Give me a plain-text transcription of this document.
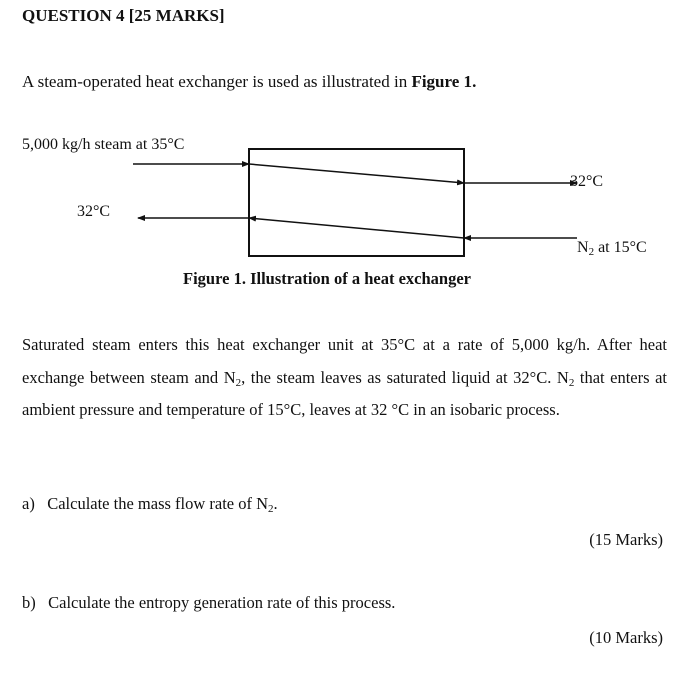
QUESTION 4 [25 MARKS]
A steam-operated heat exchanger is used as illustrated in Figure 1.
5,000 kg/h steam at 35°C
32°C
32°C
$N_2$ at 15°C
Figure 1. Illustration of a heat exchanger
Saturated steam enters this heat exchanger unit at 35°C at a rate of 5,000 kg/h. After heat exchange between steam and $N_2$, the steam leaves as saturated liquid at 32°C. $N_2$ that enters at ambient pressure and temperature of 15°C, leaves at 32 °C in an isobaric process.
a) Calculate the mass flow rate of $N_2$.
(15 Marks)
b) Calculate the entropy generation rate of this process.
(10 Marks)
